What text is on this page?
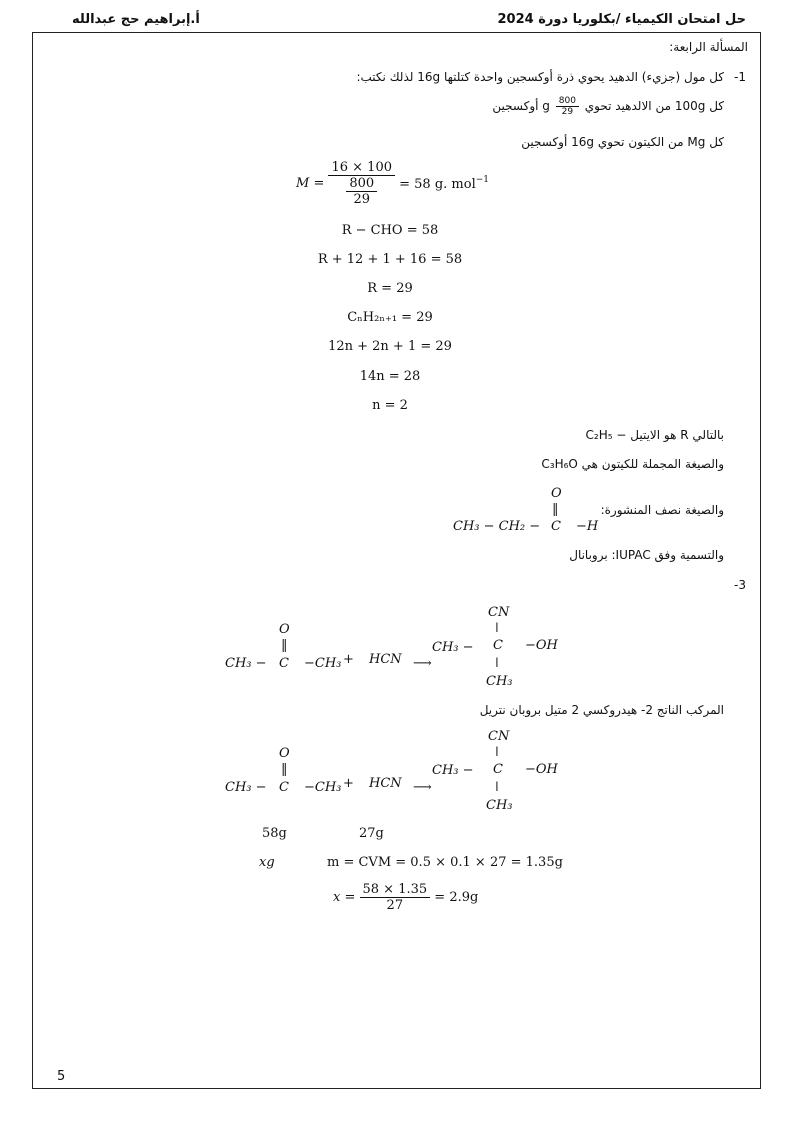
أ.إبراهيم حج عبدالله	حل امتحان الكيمياء /بكلوريا دورة 2024
المسألة الرابعة:
-1
كل مول (جزيء) الدهيد يحوي ذرة أوكسجين واحدة كتلتها 16g لذلك نكتب:
كل 100g من الالدهيد تحوي
$\frac{800}{29}$
g أوكسجين
كل Mg من الكيتون تحوي 16g أوكسجين
$M = \frac{16 \times 100}{\frac{800}{29}} = 58$ g. mol$^{-1}$
R − CHO = 58
R + 12 + 1 + 16 = 58
R = 29
CₙH₂ₙ₊₁ = 29
12n + 2n + 1 = 29
14n = 28
n = 2
بالتالي R هو الايتيل − C₂H₅
والصيغة المجملة للكيتون هي C₃H₆O
والصيغة نصف المنشورة:
CH₃ − CH₂ −
O
‖
C −H
والتسمية وفق IUPAC: بروبانال
-3
O
‖
CH₃ − C −CH₃ + HCN ⟶
CH₃ −
CN
ǀ
C −OH
ǀ
CH₃
المركب الناتج 2- هيدروكسي 2 متيل بروبان نتريل
O
‖
CH₃ − C −CH₃ + HCN ⟶
CH₃ −
CN
ǀ
C −OH
ǀ
CH₃
58g	27g
xg	m = CVM = 0.5 × 0.1 × 27 = 1.35g
$x = \frac{58 \times 1.35}{27} = 2.9g$
5
